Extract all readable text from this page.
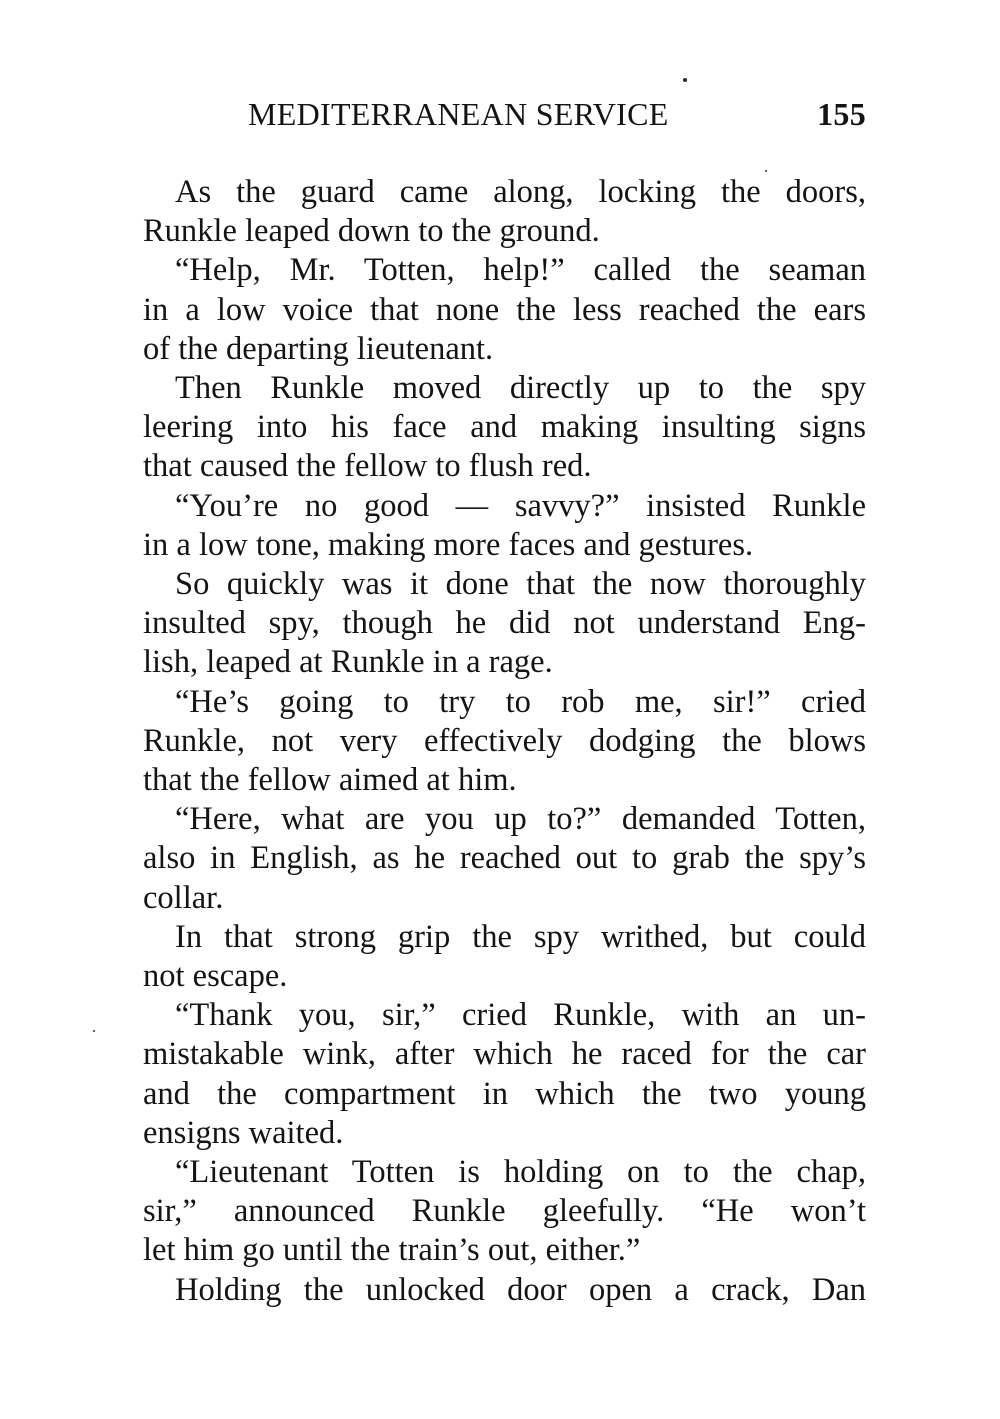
MEDITERRANEAN SERVICE	155

As the guard came along, locking the doors,
Runkle leaped down to the ground.

“Help, Mr. Totten, help!” called the seaman
in a low voice that none the less reached the ears
of the departing lieutenant.

Then Runkle moved directly up to the spy
leering into his face and making insulting signs
that caused the fellow to flush red.

“You’re no good — savvy?” insisted Runkle
in a low tone, making more faces and gestures.

So quickly was it done that the now thoroughly
insulted spy, though he did not understand Eng-
lish, leaped at Runkle in a rage.

“He’s going to try to rob me, sir!” cried
Runkle, not very effectively dodging the blows
that the fellow aimed at him.

“Here, what are you up to?” demanded Totten,
also in English, as he reached out to grab the spy’s
collar.

In that strong grip the spy writhed, but could
not escape.

“Thank you, sir,” cried Runkle, with an un-
mistakable wink, after which he raced for the car
and the compartment in which the two young
ensigns waited.

“Lieutenant Totten is holding on to the chap,
sir,” announced Runkle gleefully. “He won’t
let him go until the train’s out, either.”

Holding the unlocked door open a crack, Dan
